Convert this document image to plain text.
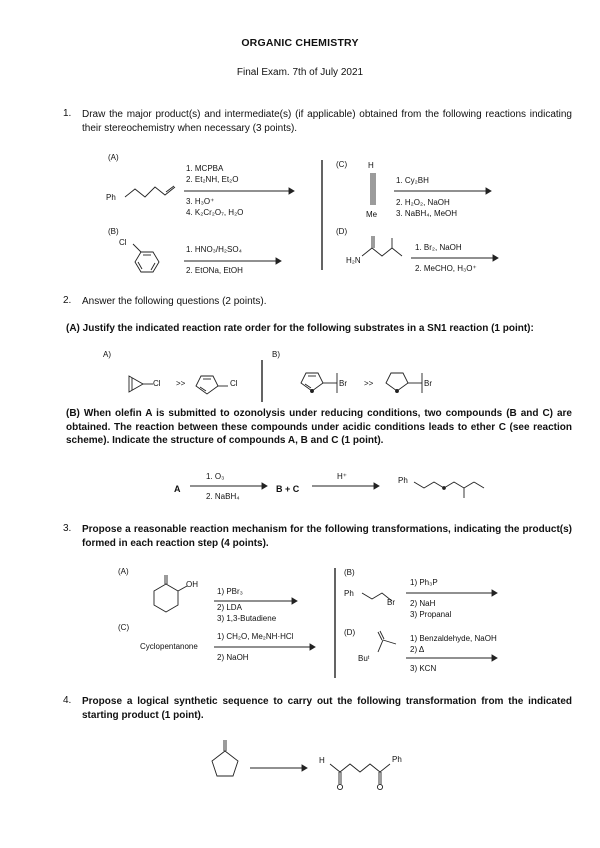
ORGANIC CHEMISTRY
Final Exam. 7th of July 2021
1. Draw the major product(s) and intermediate(s) (if applicable) obtained from the following reactions indicating their stereochemistry when necessary (3 points).
(A)
Ph
1. MCPBA
2. Et₂NH, Et₂O
3. H₃O⁺
4. K₂Cr₂O₇, H₂O
(B)
Cl
1. HNO₃/H₂SO₄
2. EtONa, EtOH
(C)	H
Me
1. Cy₂BH
2. H₂O₂, NaOH
3. NaBH₄, MeOH
(D)
H₂N
1. Br₂, NaOH
2. MeCHO, H₃O⁺
2. Answer the following questions (2 points).
(A) Justify the indicated reaction rate order for the following substrates in a SN1 reaction (1 point):
A)	B)
Cl >>	Cl	Br >>	Br
(B) When olefin A is submitted to ozonolysis under reducing conditions, two compounds (B and C) are obtained. The reaction between these compounds under acidic conditions leads to ether C (see reaction scheme). Indicate the structure of compounds A, B and C (1 point).
A
1. O₃
2. NaBH₄
B + C
H⁺	Ph
3. Propose a reasonable reaction mechanism for the following transformations, indicating the product(s) formed in each reaction step (4 points).
(A)
OH
1) PBr₃
2) LDA
3) 1,3-Butadiene
(B)
Ph
Br
1) Ph₃P
2) NaH
3) Propanal
(C)
Cyclopentanone
1) CH₂O, Me₂NH·HCl
2) NaOH
(D)
Buᵗ
1) Benzaldehyde, NaOH
2) Δ
3) KCN
4. Propose a logical synthetic sequence to carry out the following transformation from the indicated starting product (1 point).
H	Ph
